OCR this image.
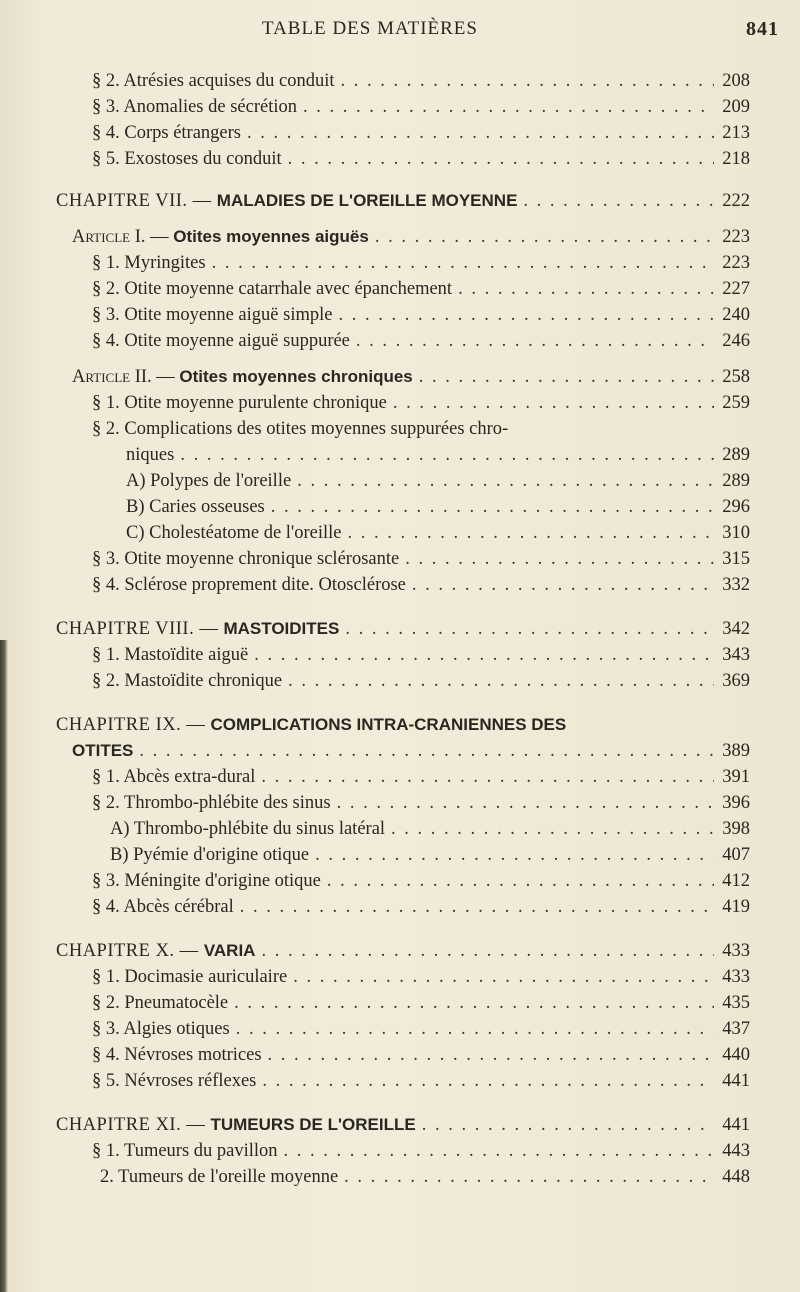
TABLE DES MATIÈRES	841
§ 2. Atrésies acquises du conduit . . .	208
§ 3. Anomalies de sécrétion . . .	209
§ 4. Corps étrangers . . .	213
§ 5. Exostoses du conduit . . .	218
CHAPITRE VII. — MALADIES DE L'OREILLE MOYENNE . . .	222
Article I. — Otites moyennes aiguës . . .	223
§ 1. Myringites . . .	223
§ 2. Otite moyenne catarrhale avec épanchement . . .	227
§ 3. Otite moyenne aiguë simple . . .	240
§ 4. Otite moyenne aiguë suppurée . . .	246
Article II. — Otites moyennes chroniques . . .	258
§ 1. Otite moyenne purulente chronique . . .	259
§ 2. Complications des otites moyennes suppurées chro-
niques . . .	289
A) Polypes de l'oreille . . .	289
B) Caries osseuses . . .	296
C) Cholestéatome de l'oreille . . .	310
§ 3. Otite moyenne chronique sclérosante . . .	315
§ 4. Sclérose proprement dite. Otosclérose . . .	332
CHAPITRE VIII. — MASTOIDITES . . .	342
§ 1. Mastoïdite aiguë . . .	343
§ 2. Mastoïdite chronique . . .	369
CHAPITRE IX. — COMPLICATIONS INTRA-CRANIENNES DES
OTITES . . .	389
§ 1. Abcès extra-dural . . .	391
§ 2. Thrombo-phlébite des sinus . . .	396
A) Thrombo-phlébite du sinus latéral . . .	398
B) Pyémie d'origine otique . . .	407
§ 3. Méningite d'origine otique . . .	412
§ 4. Abcès cérébral . . .	419
CHAPITRE X. — VARIA . . .	433
§ 1. Docimasie auriculaire . . .	433
§ 2. Pneumatocèle . . .	435
§ 3. Algies otiques . . .	437
§ 4. Névroses motrices . . .	440
§ 5. Névroses réflexes . . .	441
CHAPITRE XI. — TUMEURS DE L'OREILLE . . .	441
§ 1. Tumeurs du pavillon . . .	443
2. Tumeurs de l'oreille moyenne . . .	448
